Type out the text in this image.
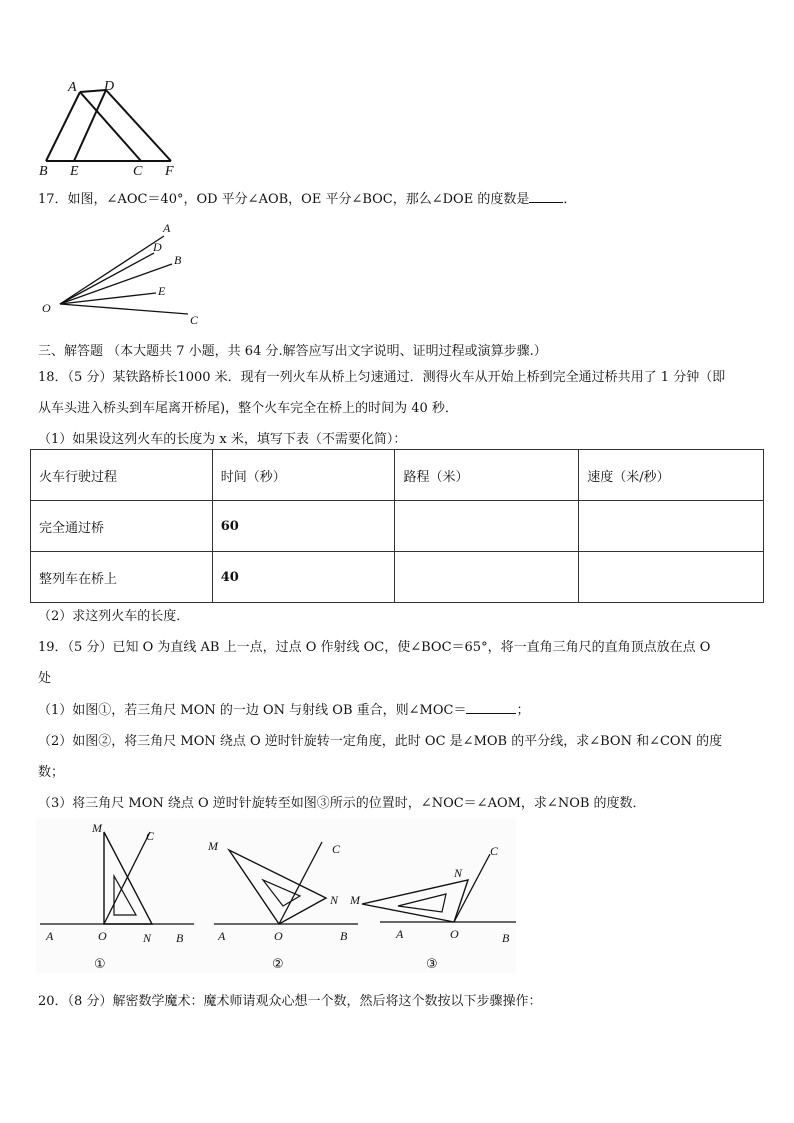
A D
B E	C F
17．如图，∠AOC＝40°，OD 平分∠AOB，OE 平分∠BOC，那么∠DOE 的度数是	．
A
D
B
E
O
C
三、解答题 （本大题共 7 小题，共 64 分.解答应写出文字说明、证明过程或演算步骤.）
18．（5 分）某铁路桥长1000 米．现有一列火车从桥上匀速通过．测得火车从开始上桥到完全通过桥共用了 1 分钟（即
从车头进入桥头到车尾离开桥尾)，整个火车完全在桥上的时间为 40 秒．
（1）如果设这列火车的长度为 x 米，填写下表（不需要化简）：
火车行驶过程	时间（秒）	路程（米）	速度（米/秒）
完全通过桥	60		
整列车在桥上	40		
（2）求这列火车的长度．
19．（5 分）已知 O 为直线 AB 上一点，过点 O 作射线 OC，使∠BOC＝65°，将一直角三角尺的直角顶点放在点 O
处
（1）如图①，若三角尺 MON 的一边 ON 与射线 OB 重合，则∠MOC＝	；
（2）如图②，将三角尺 MON 绕点 O 逆时针旋转一定角度，此时 OC 是∠MOB 的平分线，求∠BON 和∠CON 的度
数；
（3）将三角尺 MON 绕点 O 逆时针旋转至如图③所示的位置时，∠NOC＝∠AOM，求∠NOB 的度数．
M
C
A	O	N B
①
M	C
N
A	O	B
②
C
N
M
A	O	B
③
20．（8 分）解密数学魔术：魔术师请观众心想一个数，然后将这个数按以下步骤操作：
